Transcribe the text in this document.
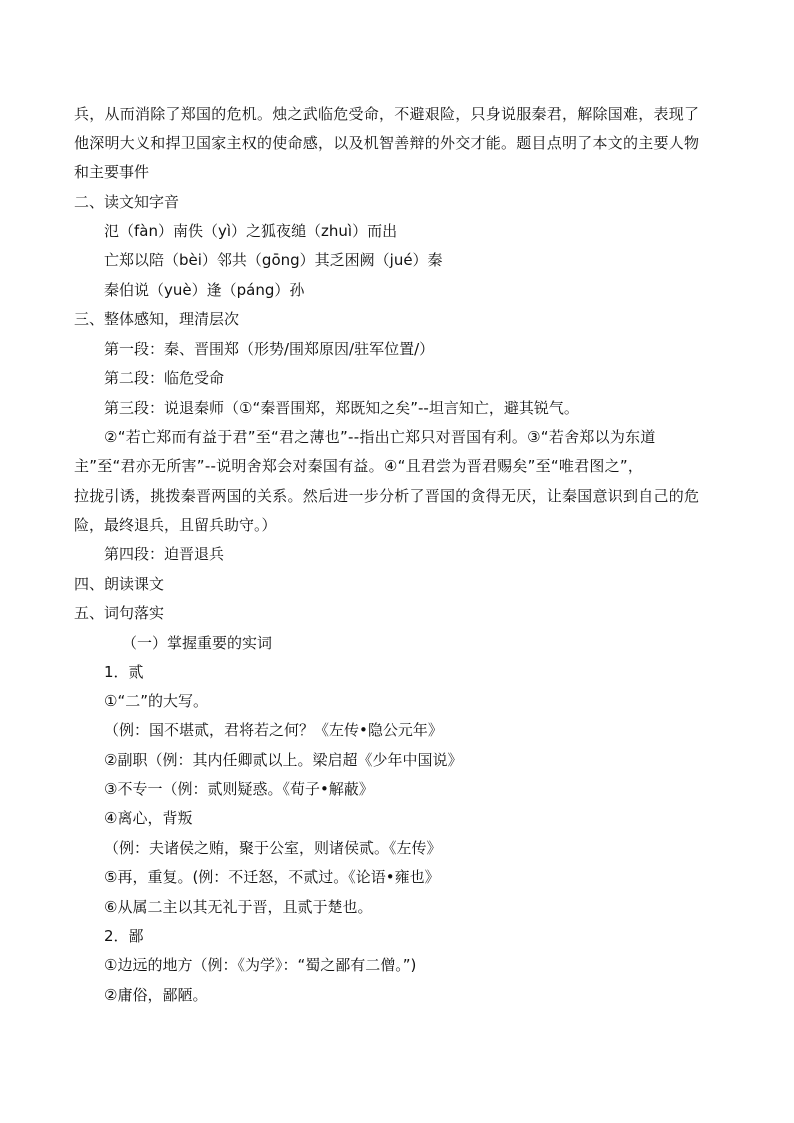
兵，从而消除了郑国的危机。烛之武临危受命，不避艰险，只身说服秦君，解除国难，表现了
他深明大义和捍卫国家主权的使命感，以及机智善辩的外交才能。题目点明了本文的主要人物
和主要事件
二、读文知字音
氾（fàn）南佚（yì）之狐夜缒（zhuì）而出
亡郑以陪（bèi）邻共（gōng）其乏困阙（jué）秦
秦伯说（yuè）逢（páng）孙
三、整体感知，理清层次
第一段：秦、晋围郑（形势/围郑原因/驻军位置/）
第二段：临危受命
第三段：说退秦师（①“秦晋围郑，郑既知之矣”--坦言知亡，避其锐气。
②“若亡郑而有益于君”至“君之薄也”--指出亡郑只对晋国有利。③“若舍郑以为东道
主”至“君亦无所害”--说明舍郑会对秦国有益。④“且君尝为晋君赐矣”至“唯君图之”，
拉拢引诱，挑拨秦晋两国的关系。然后进一步分析了晋国的贪得无厌，让秦国意识到自己的危
险，最终退兵，且留兵助守。）
第四段：迫晋退兵
四、朗读课文
五、词句落实
（一）掌握重要的实词
1．贰
①“二”的大写。
（例：国不堪贰，君将若之何？《左传•隐公元年》
②副职（例：其内任卿贰以上。梁启超《少年中国说》
③不专一（例：贰则疑惑。《荀子•解蔽》
④离心，背叛
（例：夫诸侯之贿，聚于公室，则诸侯贰。《左传》
⑤再，重复。(例：不迁怒，不贰过。《论语•雍也》
⑥从属二主以其无礼于晋，且贰于楚也。
2．鄙
①边远的地方（例：《为学》：“蜀之鄙有二僧。”)
②庸俗，鄙陋。
